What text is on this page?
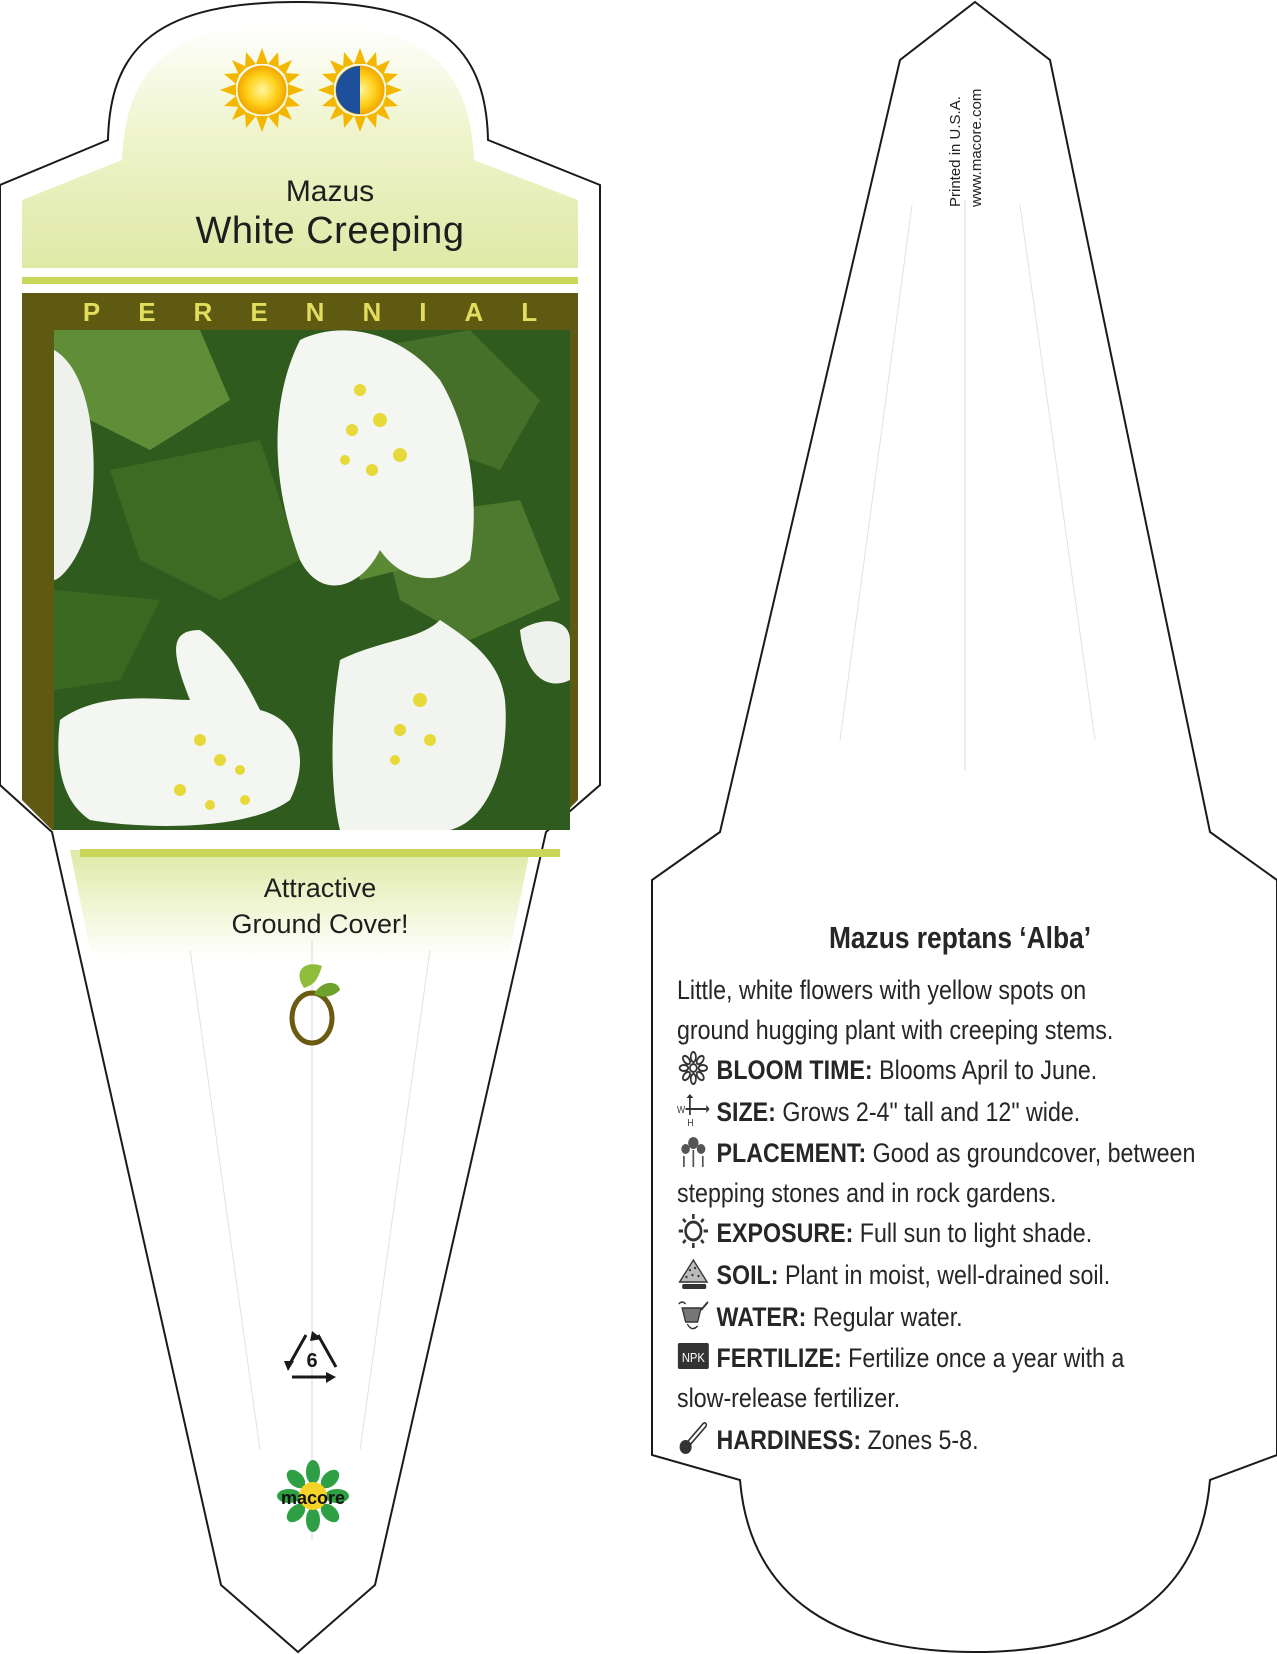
Mazus
White Creeping
PERENNIAL
Attractive
Ground Cover!
6
macore
Printed in U.S.A. www.macore.com
Mazus reptans ‘Alba’
Little, white flowers with yellow spots on ground hugging plant with creeping stems.
BLOOM TIME: Blooms April to June.
W
H SIZE: Grows 2-4" tall and 12" wide.
PLACEMENT: Good as groundcover, between
stepping stones and in rock gardens.
EXPOSURE: Full sun to light shade.
SOIL: Plant in moist, well-drained soil.
WATER: Regular water.
NPK FERTILIZE: Fertilize once a year with a
slow-release fertilizer.
HARDINESS: Zones 5-8.
